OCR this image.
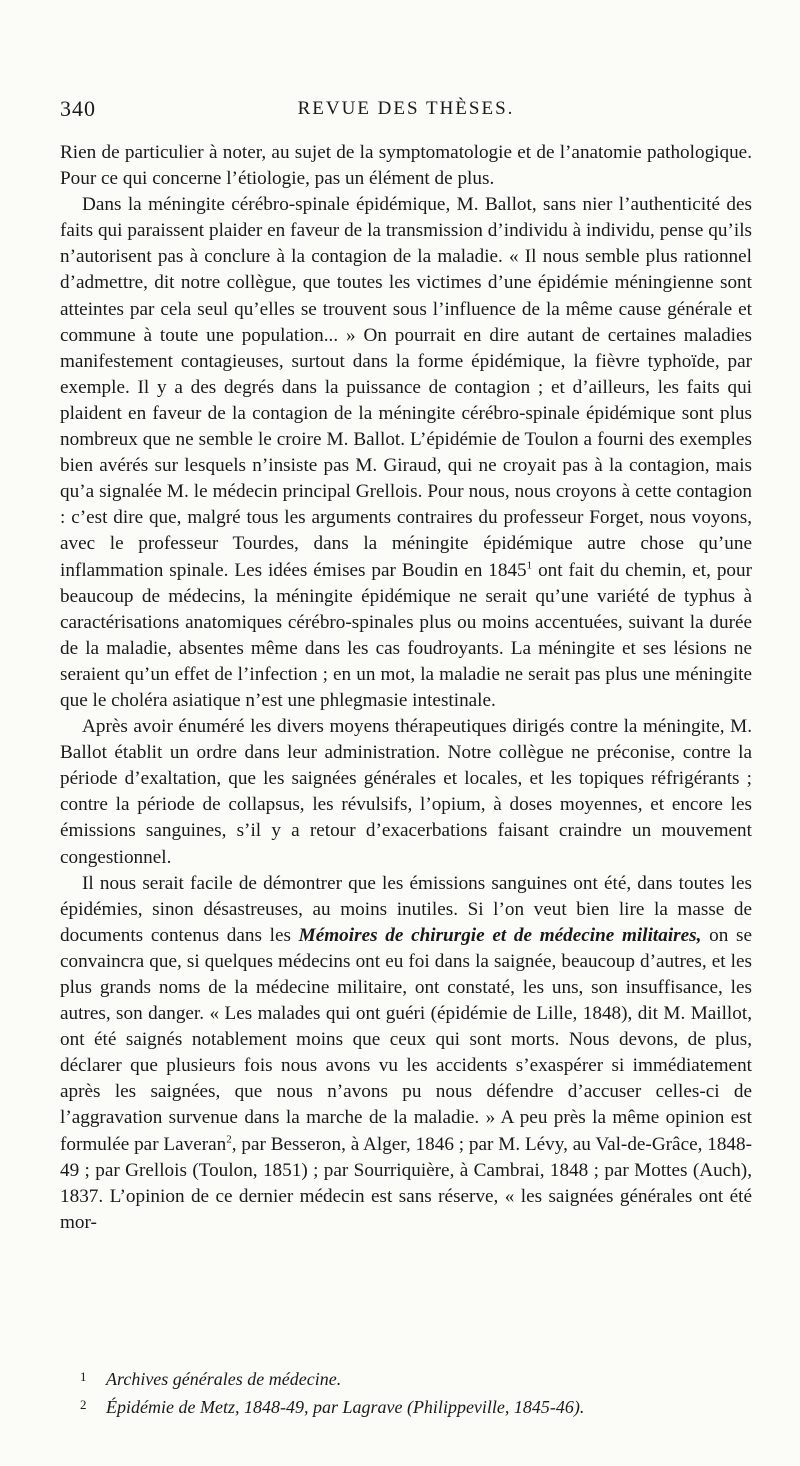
340	REVUE DES THÈSES.

Rien de particulier à noter, au sujet de la symptomatologie et de l’anatomie pathologique. Pour ce qui concerne l’étiologie, pas un élément de plus.

Dans la méningite cérébro-spinale épidémique, M. Ballot, sans nier l’authenticité des faits qui paraissent plaider en faveur de la transmission d’individu à individu, pense qu’ils n’autorisent pas à conclure à la contagion de la maladie. « Il nous semble plus rationnel d’admettre, dit notre collègue, que toutes les victimes d’une épidémie méningienne sont atteintes par cela seul qu’elles se trouvent sous l’influence de la même cause générale et commune à toute une population... » On pourrait en dire autant de certaines maladies manifestement contagieuses, surtout dans la forme épidémique, la fièvre typhoïde, par exemple. Il y a des degrés dans la puissance de contagion ; et d’ailleurs, les faits qui plaident en faveur de la contagion de la méningite cérébro-spinale épidémique sont plus nombreux que ne semble le croire M. Ballot. L’épidémie de Toulon a fourni des exemples bien avérés sur lesquels n’insiste pas M. Giraud, qui ne croyait pas à la contagion, mais qu’a signalée M. le médecin principal Grellois. Pour nous, nous croyons à cette contagion : c’est dire que, malgré tous les arguments contraires du professeur Forget, nous voyons, avec le professeur Tourdes, dans la méningite épidémique autre chose qu’une inflammation spinale. Les idées émises par Boudin en 1845$^1$ ont fait du chemin, et, pour beaucoup de médecins, la méningite épidémique ne serait qu’une variété de typhus à caractérisations anatomiques cérébro-spinales plus ou moins accentuées, suivant la durée de la maladie, absentes même dans les cas foudroyants. La méningite et ses lésions ne seraient qu’un effet de l’infection ; en un mot, la maladie ne serait pas plus une méningite que le choléra asiatique n’est une phlegmasie intestinale.

Après avoir énuméré les divers moyens thérapeutiques dirigés contre la méningite, M. Ballot établit un ordre dans leur administration. Notre collègue ne préconise, contre la période d’exaltation, que les saignées générales et locales, et les topiques réfrigérants ; contre la période de collapsus, les révulsifs, l’opium, à doses moyennes, et encore les émissions sanguines, s’il y a retour d’exacerbations faisant craindre un mouvement congestionnel.

Il nous serait facile de démontrer que les émissions sanguines ont été, dans toutes les épidémies, sinon désastreuses, au moins inutiles. Si l’on veut bien lire la masse de documents contenus dans les Mémoires de chirurgie et de médecine militaires, on se convaincra que, si quelques médecins ont eu foi dans la saignée, beaucoup d’autres, et les plus grands noms de la médecine militaire, ont constaté, les uns, son insuffisance, les autres, son danger. « Les malades qui ont guéri (épidémie de Lille, 1848), dit M. Maillot, ont été saignés notablement moins que ceux qui sont morts. Nous devons, de plus, déclarer que plusieurs fois nous avons vu les accidents s’exaspérer si immédiatement après les saignées, que nous n’avons pu nous défendre d’accuser celles-ci de l’aggravation survenue dans la marche de la maladie. » A peu près la même opinion est formulée par Laveran$^2$, par Besseron, à Alger, 1846 ; par M. Lévy, au Val-de-Grâce, 1848-49 ; par Grellois (Toulon, 1851) ; par Sourriquière, à Cambrai, 1848 ; par Mottes (Auch), 1837. L’opinion de ce dernier médecin est sans réserve, « les saignées générales ont été mor-

1 Archives générales de médecine.

2 Épidémie de Metz, 1848-49, par Lagrave (Philippeville, 1845-46).
